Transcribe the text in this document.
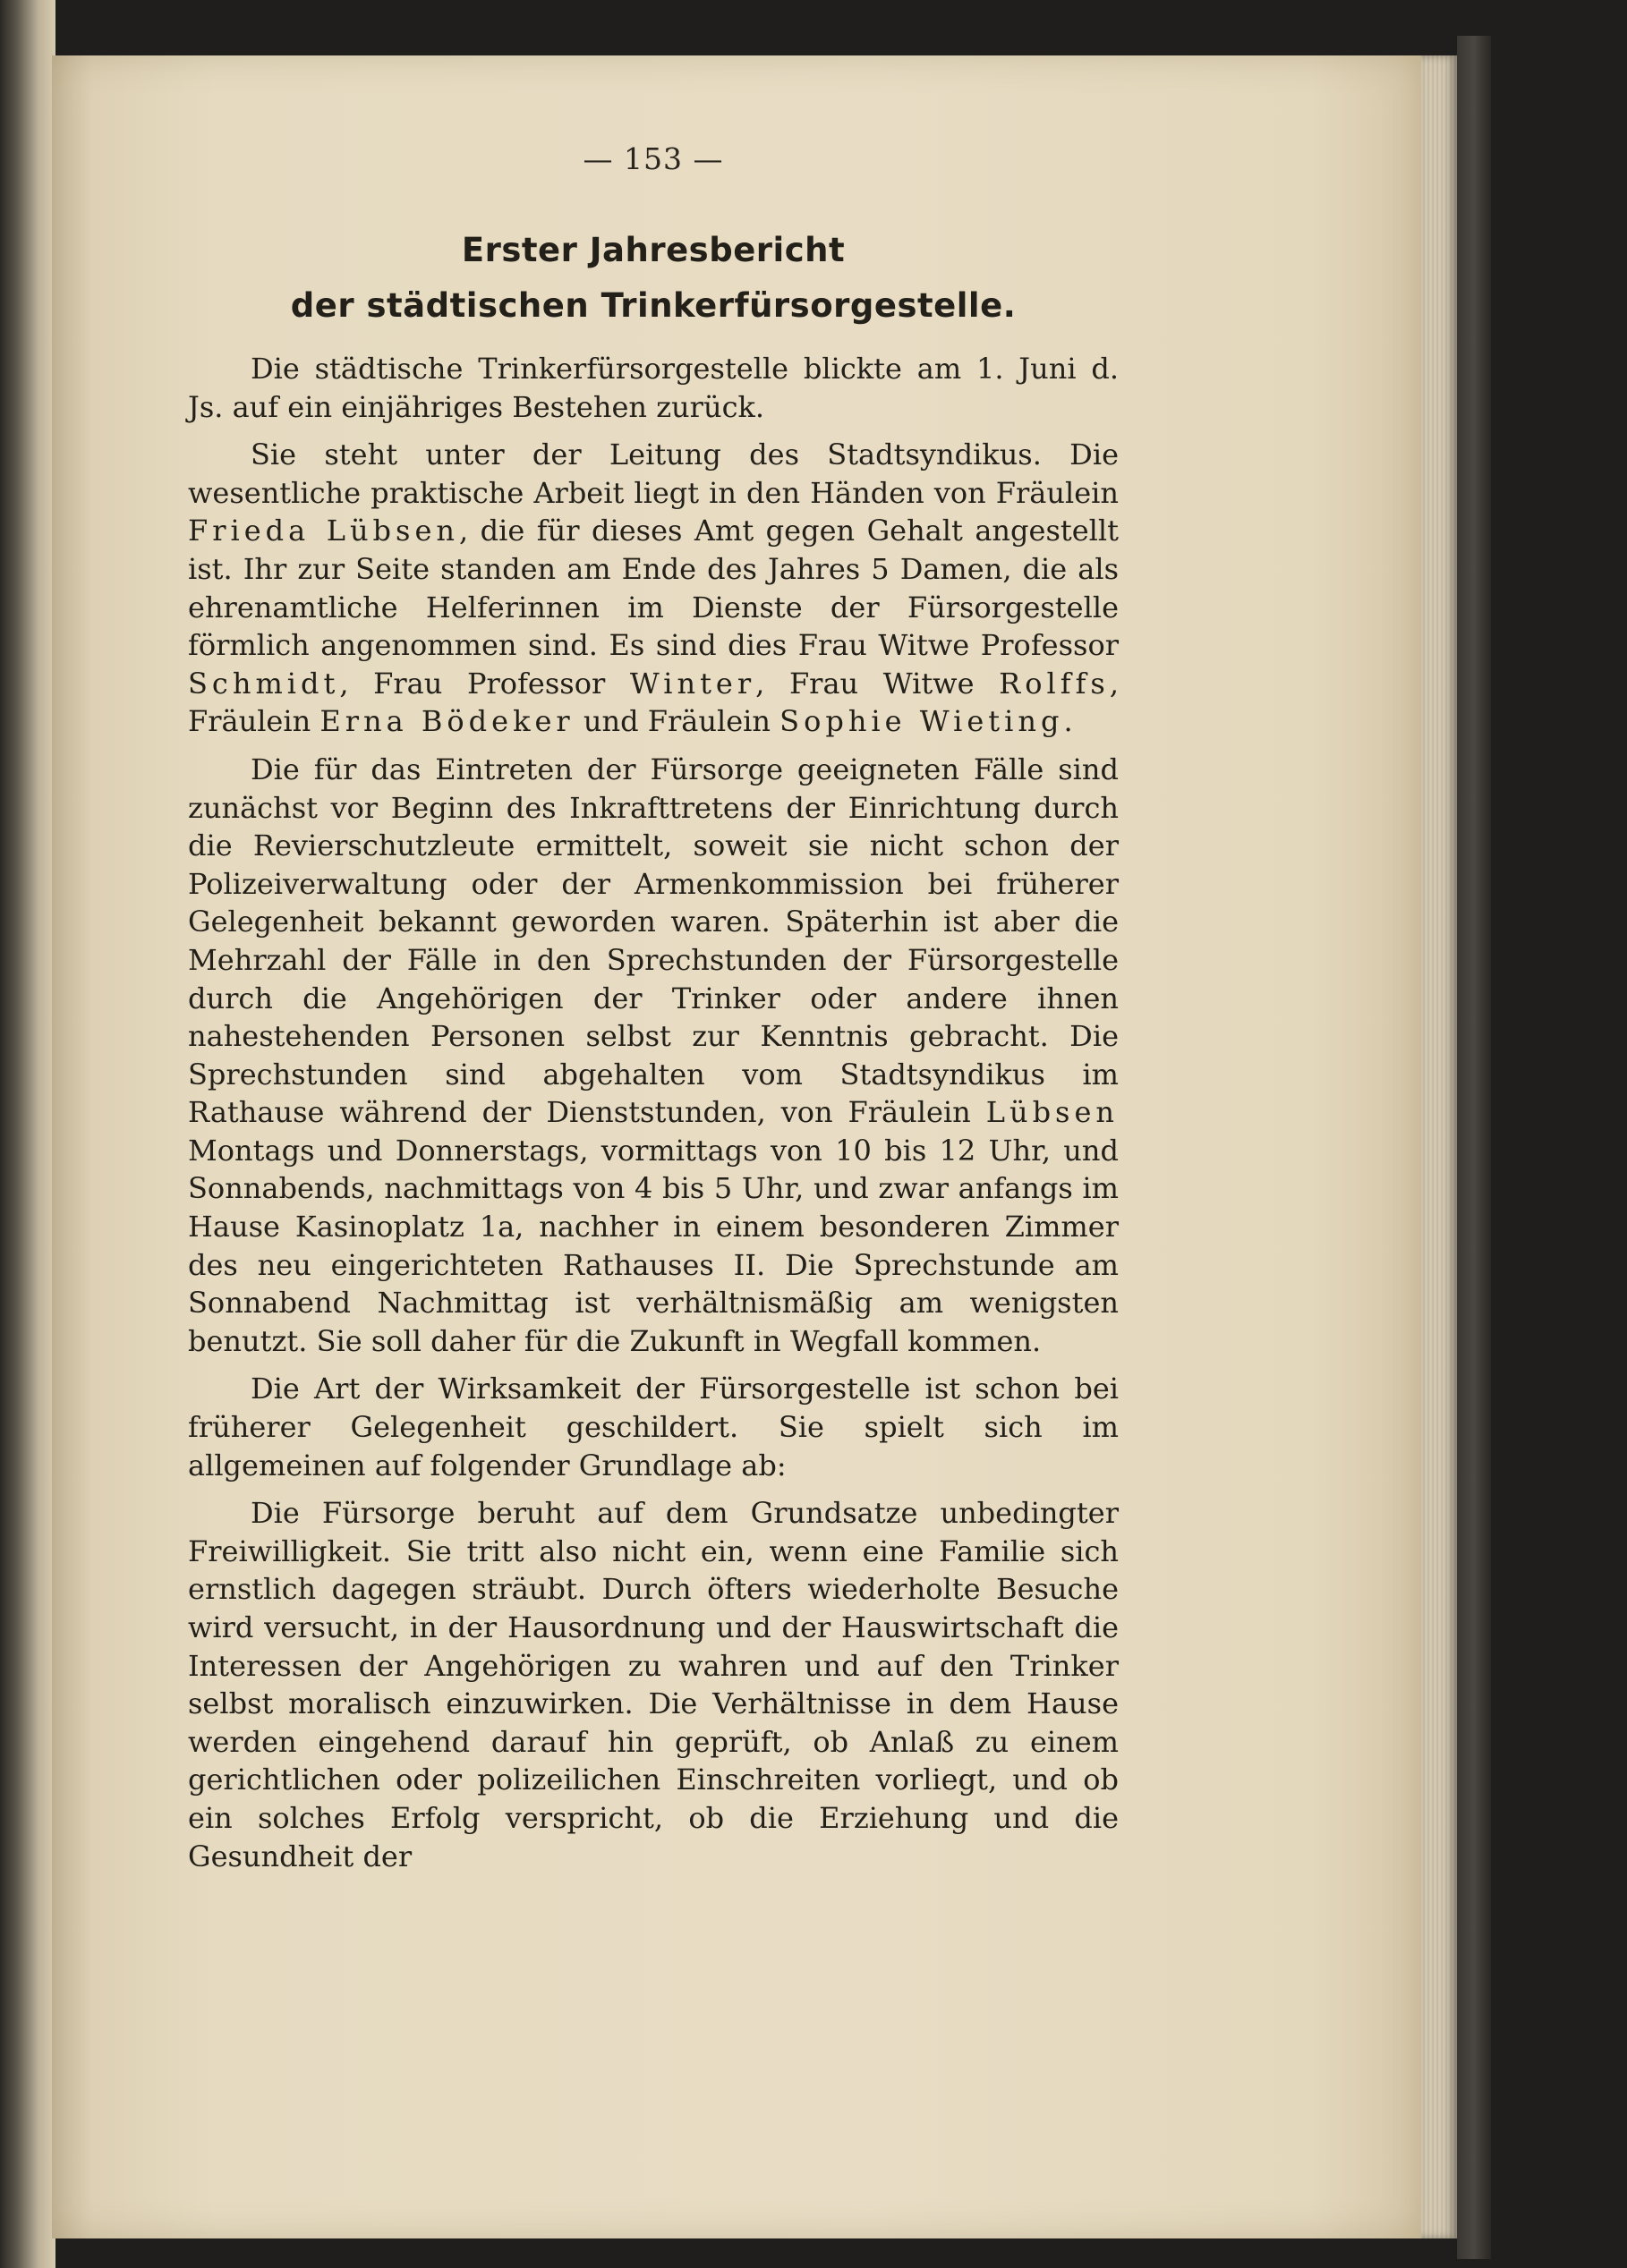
— 153 —
Erster Jahresbericht
der städtischen Trinkerfürsorgestelle.

Die städtische Trinkerfürsorgestelle blickte am 1. Juni d. Js. auf ein einjähriges Bestehen zurück.

Sie steht unter der Leitung des Stadtsyndikus. Die wesentliche praktische Arbeit liegt in den Händen von Fräulein Frieda Lübsen, die für dieses Amt gegen Gehalt angestellt ist. Ihr zur Seite standen am Ende des Jahres 5 Damen, die als ehrenamtliche Helferinnen im Dienste der Fürsorgestelle förmlich angenommen sind. Es sind dies Frau Witwe Professor Schmidt, Frau Professor Winter, Frau Witwe Rolffs, Fräulein Erna Bödeker und Fräulein Sophie Wieting.

Die für das Eintreten der Fürsorge geeigneten Fälle sind zunächst vor Beginn des Inkrafttretens der Einrichtung durch die Revierschutzleute ermittelt, soweit sie nicht schon der Polizeiverwaltung oder der Armenkommission bei früherer Gelegenheit bekannt geworden waren. Späterhin ist aber die Mehrzahl der Fälle in den Sprechstunden der Fürsorgestelle durch die Angehörigen der Trinker oder andere ihnen nahestehenden Personen selbst zur Kenntnis gebracht. Die Sprechstunden sind abgehalten vom Stadtsyndikus im Rathause während der Dienststunden, von Fräulein Lübsen Montags und Donnerstags, vormittags von 10 bis 12 Uhr, und Sonnabends, nachmittags von 4 bis 5 Uhr, und zwar anfangs im Hause Kasinoplatz 1a, nachher in einem besonderen Zimmer des neu eingerichteten Rathauses II. Die Sprechstunde am Sonnabend Nachmittag ist verhältnismäßig am wenigsten benutzt. Sie soll daher für die Zukunft in Wegfall kommen.

Die Art der Wirksamkeit der Fürsorgestelle ist schon bei früherer Gelegenheit geschildert. Sie spielt sich im allgemeinen auf folgender Grundlage ab:

Die Fürsorge beruht auf dem Grundsatze unbedingter Freiwilligkeit. Sie tritt also nicht ein, wenn eine Familie sich ernstlich dagegen sträubt. Durch öfters wiederholte Besuche wird versucht, in der Hausordnung und der Hauswirtschaft die Interessen der Angehörigen zu wahren und auf den Trinker selbst moralisch einzuwirken. Die Verhältnisse in dem Hause werden eingehend darauf hin geprüft, ob Anlaß zu einem gerichtlichen oder polizeilichen Einschreiten vorliegt, und ob ein solches Erfolg verspricht, ob die Erziehung und die Gesundheit der
